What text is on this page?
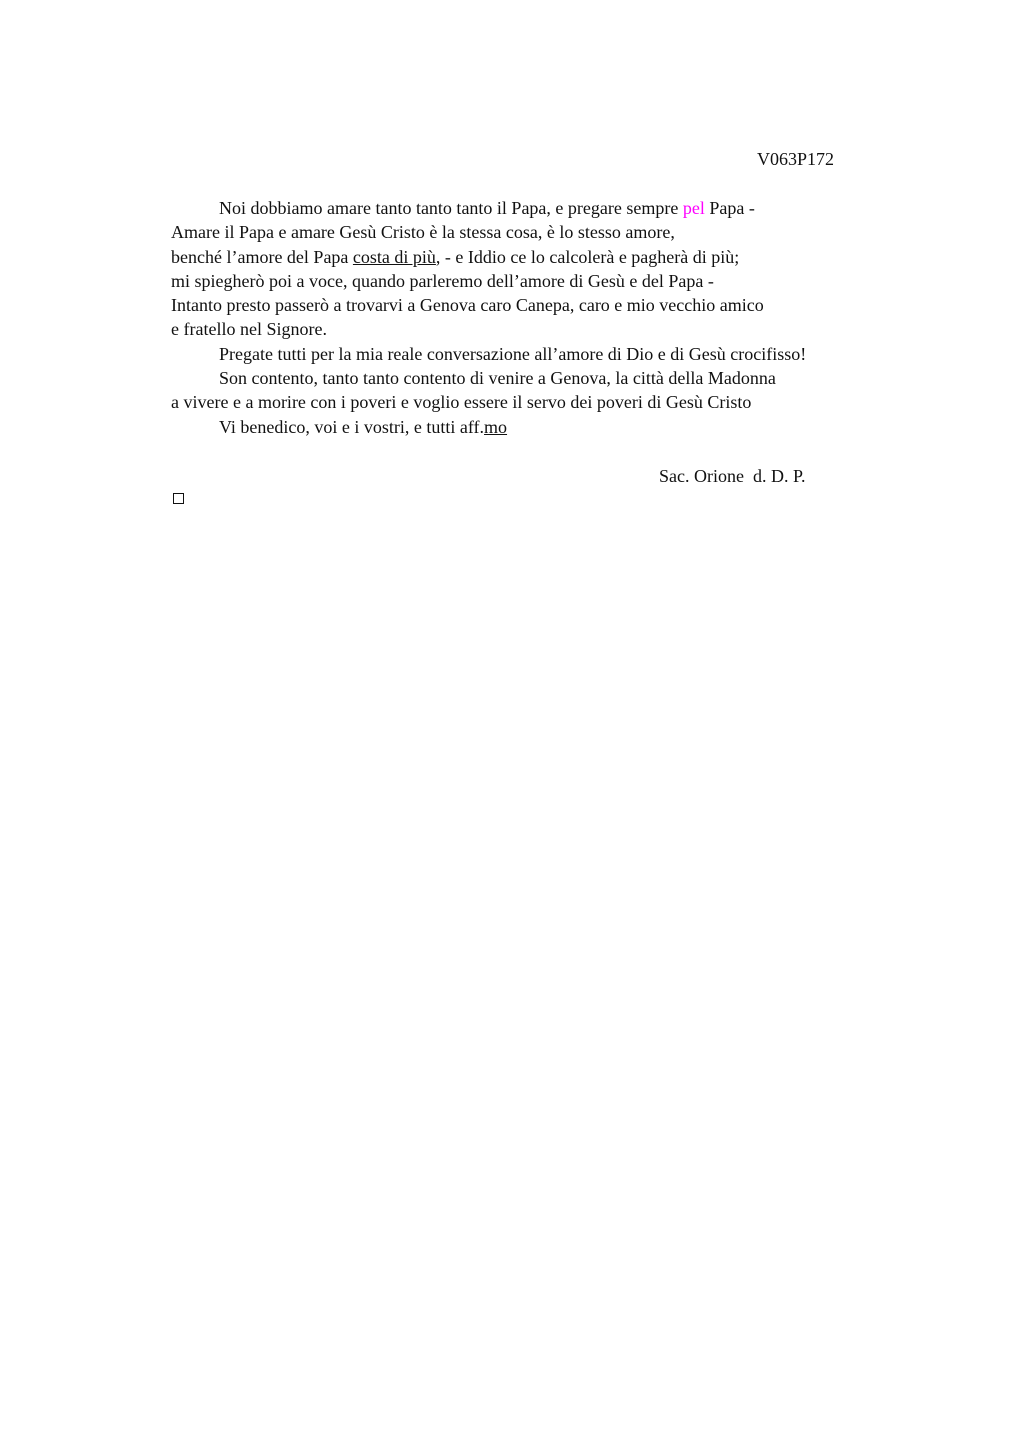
V063P172
Noi dobbiamo amare tanto tanto tanto il Papa, e pregare sempre pel Papa -
Amare il Papa e amare Gesù Cristo è la stessa cosa, è lo stesso amore,
benché l’amore del Papa costa di più, - e Iddio ce lo calcolerà e pagherà di più;
mi spiegherò poi a voce, quando parleremo dell’amore di Gesù e del Papa -
Intanto presto passerò a trovarvi a Genova caro Canepa, caro e mio vecchio amico
e fratello nel Signore.
Pregate tutti per la mia reale conversazione all’amore di Dio e di Gesù crocifisso!
Son contento, tanto tanto contento di venire a Genova, la città della Madonna
a vivere e a morire con i poveri e voglio essere il servo dei poveri di Gesù Cristo
Vi benedico, voi e i vostri, e tutti aff.mo
Sac. Orione  d. D. P.
